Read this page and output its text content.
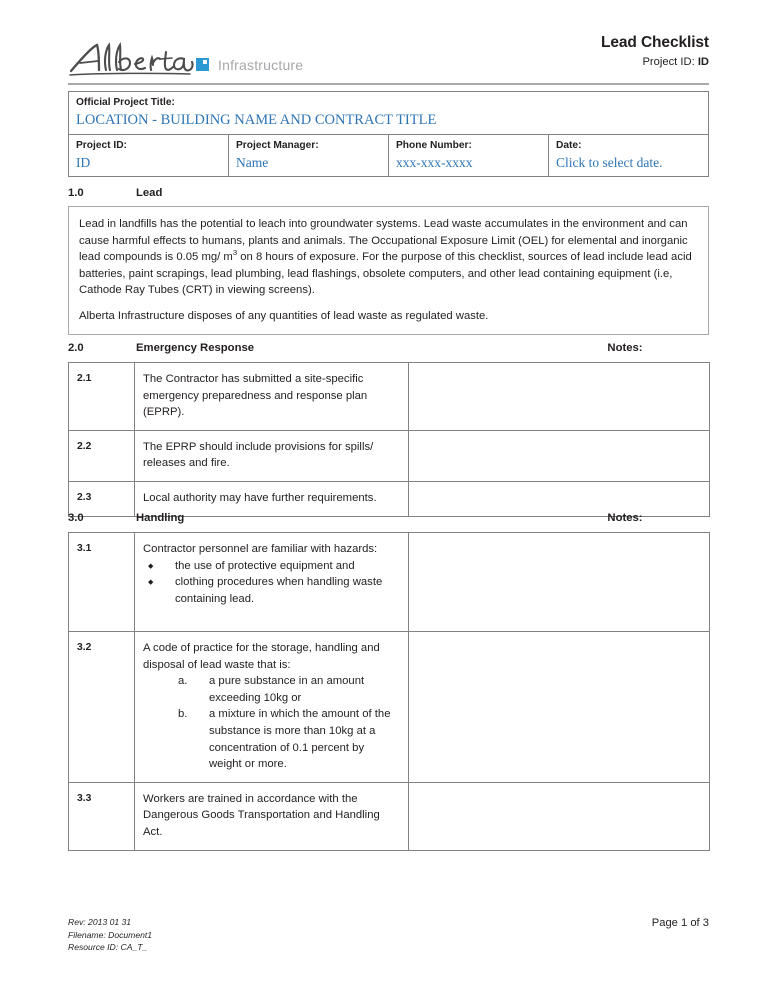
Infrastructure
Lead Checklist
Project ID: ID
Official Project Title:
LOCATION - BUILDING NAME AND CONTRACT TITLE

Project ID:
ID

Project Manager:
Name

Phone Number:
xxx-xxx-xxxx

Date:
Click to select date.
1.0	Lead

Lead in landfills has the potential to leach into groundwater systems. Lead waste accumulates in the environment and can cause harmful effects to humans, plants and animals. The Occupational Exposure Limit (OEL) for elemental and inorganic lead compounds is 0.05 mg/ $m^3$ on 8 hours of exposure. For the purpose of this checklist, sources of lead include lead acid batteries, paint scrapings, lead plumbing, lead flashings, obsolete computers, and other lead containing equipment (i.e, Cathode Ray Tubes (CRT) in viewing screens).

Alberta Infrastructure disposes of any quantities of lead waste as regulated waste.

2.0	Emergency Response	Notes:
2.1	The Contractor has submitted a site-specific emergency preparedness and response plan (EPRP).	

2.2	The EPRP should include provisions for spills/ releases and fire.	

2.3	Local authority may have further requirements.	
3.0	Handling	Notes:
3.1	Contractor personnel are familiar with hazards:
◆ the use of protective equipment and
◆ clothing procedures when handling waste containing lead.

3.2	A code of practice for the storage, handling and disposal of lead waste that is:
a.	a pure substance in an amount exceeding 10kg or
b.	a mixture in which the amount of the substance is more than 10kg at a concentration of 0.1 percent by weight or more.

3.3	Workers are trained in accordance with the Dangerous Goods Transportation and Handling Act.	
Rev: 2013 01 31
Filename: Document1
Resource ID: CA_T_
Page 1 of 3
